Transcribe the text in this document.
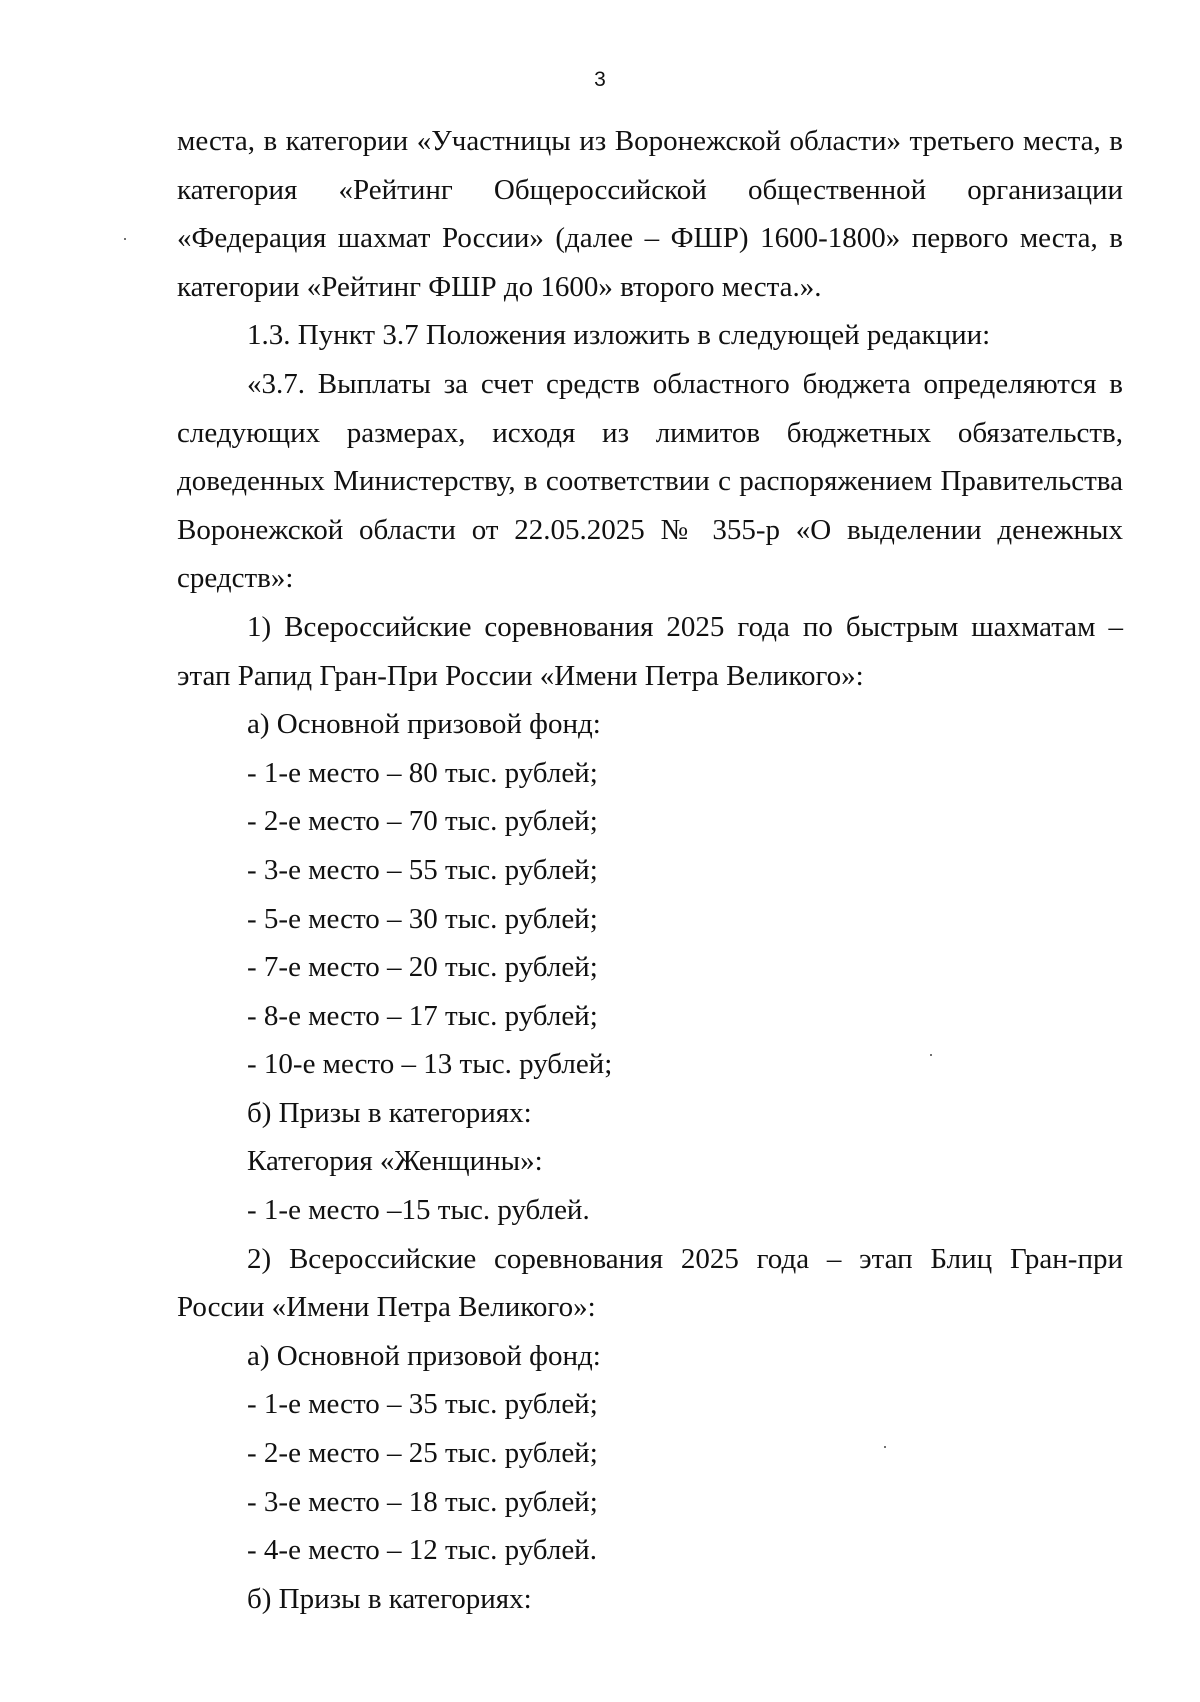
3

места, в категории «Участницы из Воронежской области» третьего места, в категория «Рейтинг Общероссийской общественной организации «Федерация шахмат России» (далее – ФШР) 1600-1800» первого места, в категории «Рейтинг ФШР до 1600» второго места.».

1.3. Пункт 3.7 Положения изложить в следующей редакции:

«3.7. Выплаты за счет средств областного бюджета определяются в следующих размерах, исходя из лимитов бюджетных обязательств, доведенных Министерству, в соответствии с распоряжением Правительства Воронежской области от 22.05.2025 № 355-р «О выделении денежных средств»:

1) Всероссийские соревнования 2025 года по быстрым шахматам – этап Рапид Гран-При России «Имени Петра Великого»:

а) Основной призовой фонд:

- 1-е место – 80 тыс. рублей;

- 2-е место – 70 тыс. рублей;

- 3-е место – 55 тыс. рублей;

- 5-е место – 30 тыс. рублей;

- 7-е место – 20 тыс. рублей;

- 8-е место – 17 тыс. рублей;

- 10-е место – 13 тыс. рублей;

б) Призы в категориях:

Категория «Женщины»:

- 1-е место –15 тыс. рублей.

2) Всероссийские соревнования 2025 года – этап Блиц Гран-при России «Имени Петра Великого»:

а) Основной призовой фонд:

- 1-е место – 35 тыс. рублей;

- 2-е место – 25 тыс. рублей;

- 3-е место – 18 тыс. рублей;

- 4-е место – 12 тыс. рублей.

б) Призы в категориях:
